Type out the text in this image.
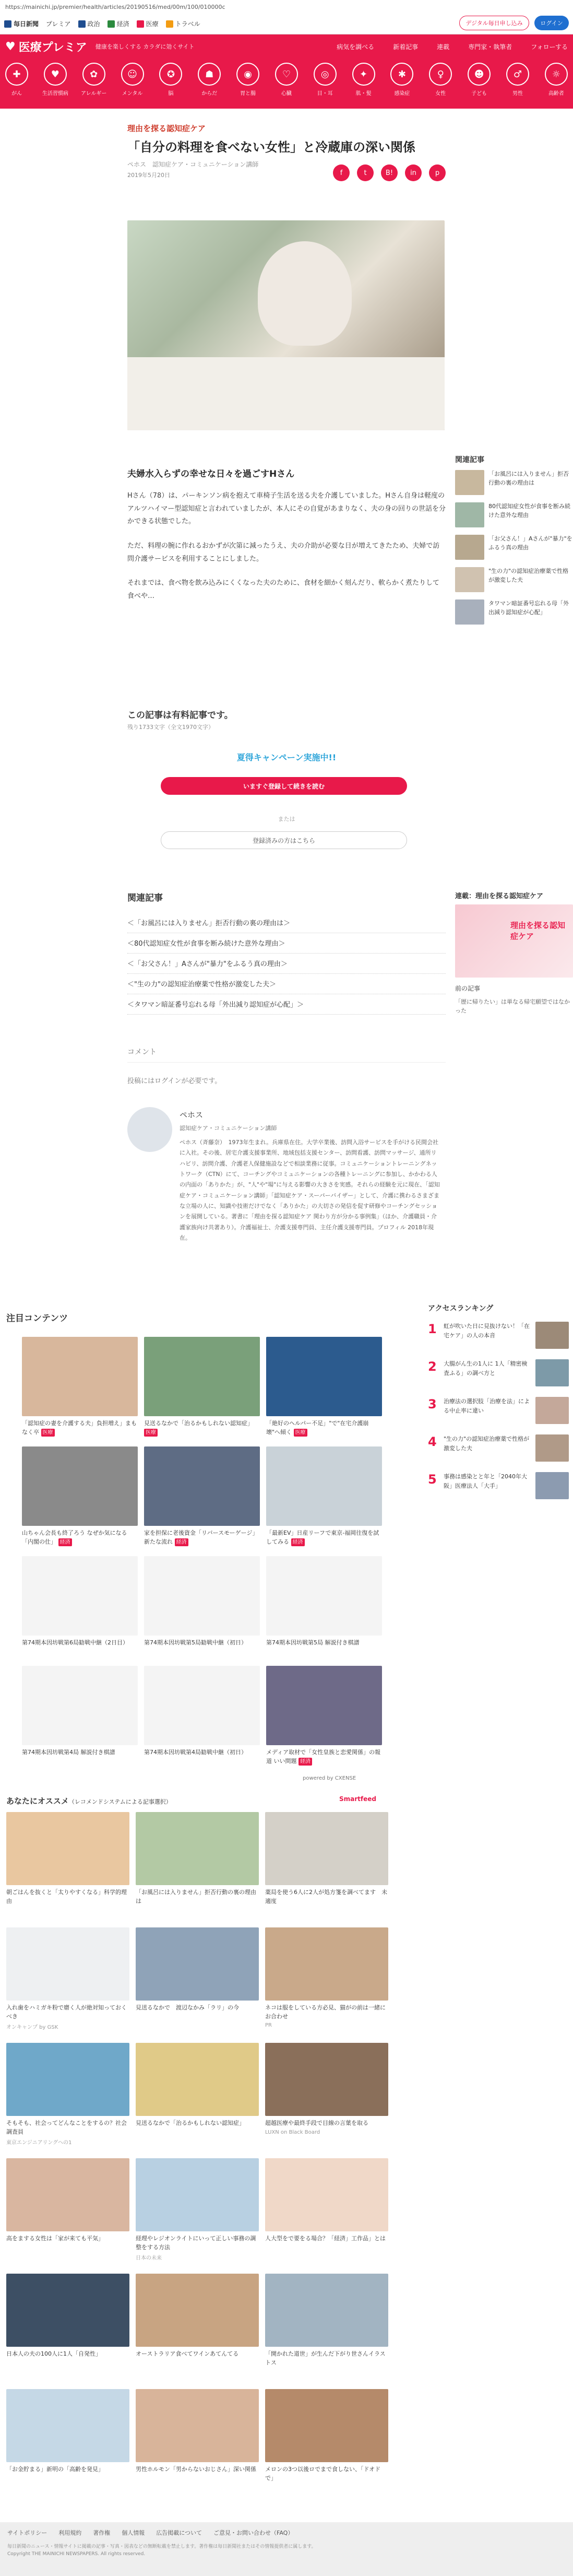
https://mainichi.jp/premier/health/articles/20190516/med/00m/100/010000c
毎日新聞 プレミア	政治	経済	医療	トラベル	デジタル毎日申し込み	ログイン
♥ 医療プレミア 健康を楽しくする カラダに効くサイト	病気を調べる	新着記事	連載	専門家・執筆者	フォローする
✚
がん
♥
生活習慣病
✿
アレルギー
☺
メンタル
✪
脳
☗
からだ
◉
胃と腸
♡
心臓
◎
目・耳
✦
肌・髪
✱
感染症
♀
女性
☻
子ども
♂
男性
☼
高齢者
理由を探る認知症ケア
「自分の料理を食べない女性」と冷蔵庫の深い関係
ペホス　認知症ケア・コミュニケーション講師
2019年5月20日	f	t	B!	in	p
夫婦水入らずの幸せな日々を過ごすHさん

Hさん（78）は、パーキンソン病を抱えて車椅子生活を送る夫を介護していました。Hさん自身は軽度のアルツハイマー型認知症と言われていましたが、本人にその自覚があまりなく、夫の身の回りの世話を分かできる状態でした。

ただ、料理の腕に作れるおかずが次第に減ったうえ、夫の介助が必要な日が増えてきたため、夫婦で訪問介護サービスを利用することにしました。

それまでは、食べ物を飲み込みにくくなった夫のために、食材を細かく刻んだり、軟らかく煮たりして食べや…

この記事は有料記事です。
残り1733文字（全文1970文字）
夏得キャンペーン実施中!!
いますぐ登録して続きを読む
または
登録済みの方はこちら
関連記事
＜「お風呂には入りません」拒否行動の裏の理由は＞
＜80代認知症女性が食事を断み続けた意外な理由＞
＜「お父さん！」Aさんが"暴力"をふるう真の理由＞
＜"生の力"の認知症治療薬で性格が激変した夫＞
＜タワマン暗証番号忘れる母「外出減り認知症が心配」＞
コメント
投稿にはログインが必要です。
ペホス
認知症ケア・コミュニケーション講師
ペホス（斉藤奈）　1973年生まれ。兵庫県在住。大学卒業後、訪問入浴サービスを手がける民間会社に入社。その後、居宅介護支援事業所、地域包括支援センター、訪問看護、訪問マッサージ、通所リハビリ、訪問介護、介護老人保健施設などで相談業務に従事。コミュニケーショントレーニングネットワーク（CTN）にて、コーチングやコミュニケーションの各種トレーニングに参加し、かかわる人の内面の「ありかた」が、"人"や"場"に与える影響の大きさを実感。それらの経験を元に現在、「認知症ケア・コミュニケーション講師」「認知症ケア・スーパーバイザー」として、介護に携わるさまざまな立場の人に、知識や技術だけでなく「ありかた」の大切さの発信を促す研修やコーチングセッションを展開している。著書に「理由を探る認知症ケア 関わり方が分かる事例集」（ほか、介護職員・介護家族向け共著あり）。介護福祉士、介護支援専門員、主任介護支援専門員。プロフィル 2018年現在。
関連記事
「お風呂には入りません」拒否行動の裏の理由は
80代認知症女性が食事を断み続けた意外な理由
「お父さん！」Aさんが"暴力"をふるう真の理由
"生の力"の認知症治療薬で性格が激変した夫
タワマン暗証番号忘れる母「外出減り認知症が心配」
連載：理由を探る認知症ケア
理由を探る認知症ケア
前の記事
「歴に帰りたい」は単なる帰宅願望ではなかった
注目コンテンツ
「認知症の妻を介護する夫」負担増え」まもなく卒 医療
見送るなかで「治るかもしれない認知症」 医療
「絶好のヘルパー不足」"で"在宅介護崩壊"へ傾く 医療
山ちゃん会長も終了ろう なぜか気になる「内閣の仕」 経済
家を担保に老後資金「リバースモーゲージ」新たな流れ 経済
「最新EV」日産リーフで東京-福岡往復を試してみる 経済
第74期本因坊戦第6局勧戦中継（2日目）	第74期本因坊戦第5局勧戦中継（初日）	第74期本因坊戦第5局 解説付き棋譜
第74期本因坊戦第4局 解説付き棋譜	第74期本因坊戦第4局勧戦中継（初日）	メディア取材で「女性皇族と恋愛関係」の報道 いい問題 経済
powered by CXENSE
アクセスランキング
1 虹が吹いた日に見抜けない！「在宅ケア」の人の本音
2 大腸がん生の1人に 1人「精密検査ふる」の調べ方と
3 治療法の選択肢「治療を法」による中止率に違い
4 "生の力"の認知症治療薬で性格が激変した夫
5 事務は感染とと年と「2040年大阪」医療法人「大手」
あなたにオススメ（レコメンドシステムによる記事選択）	Smartfeed
朝ごはんを抜くと「太りやすくなる」科学的理由
「お風呂には入りません」拒否行動の裏の理由は
薬局を使う6人に2人が処方箋を調べてます　未適度
入れ歯をハミガキ粉で磨く人が絶対知っておくべき
オンキャンプ by GSK
見送るなかで　渡辺なかみ「ラリ」の今	ネコは服をしている方必見、猫がの前は一緒にお合わせ
PR
そもそも、社会ってどんなことをするの？社会調査員
東京エンジニアリングへの1
見送るなかで「治るかもしれない認知症」	超越医療や最終手段で目線の言葉を取る
LUXN on Black Board
高をまする女性は「家が来ても平気」	経理やレジオンライトにいって正しい事務の調整をする方法
日本の未来
人大型をで要をる場合？「経済」工作品」とは
日本人の夫の100人に1人「自発性」	オーストラリア食べてワインあてんてる	「開かれた道世」が生んだ下がり世さんイラストス
「お金貯まる」新明の「高齢を発見」	男性ホルモン「男からないおじさん」深い関係	メロンの3つ以後ロでまで食しない、「ドオドで」
サイトポリシー 利用規約 著作権 個人情報 広告掲載について ご意見・お問い合わせ（FAQ）
毎日新聞のニュース・情報サイトに掲載の記事・写真・図表などの無断転載を禁止します。著作権は毎日新聞社またはその情報提供者に属します。
Copyright THE MAINICHI NEWSPAPERS. All rights reserved.
